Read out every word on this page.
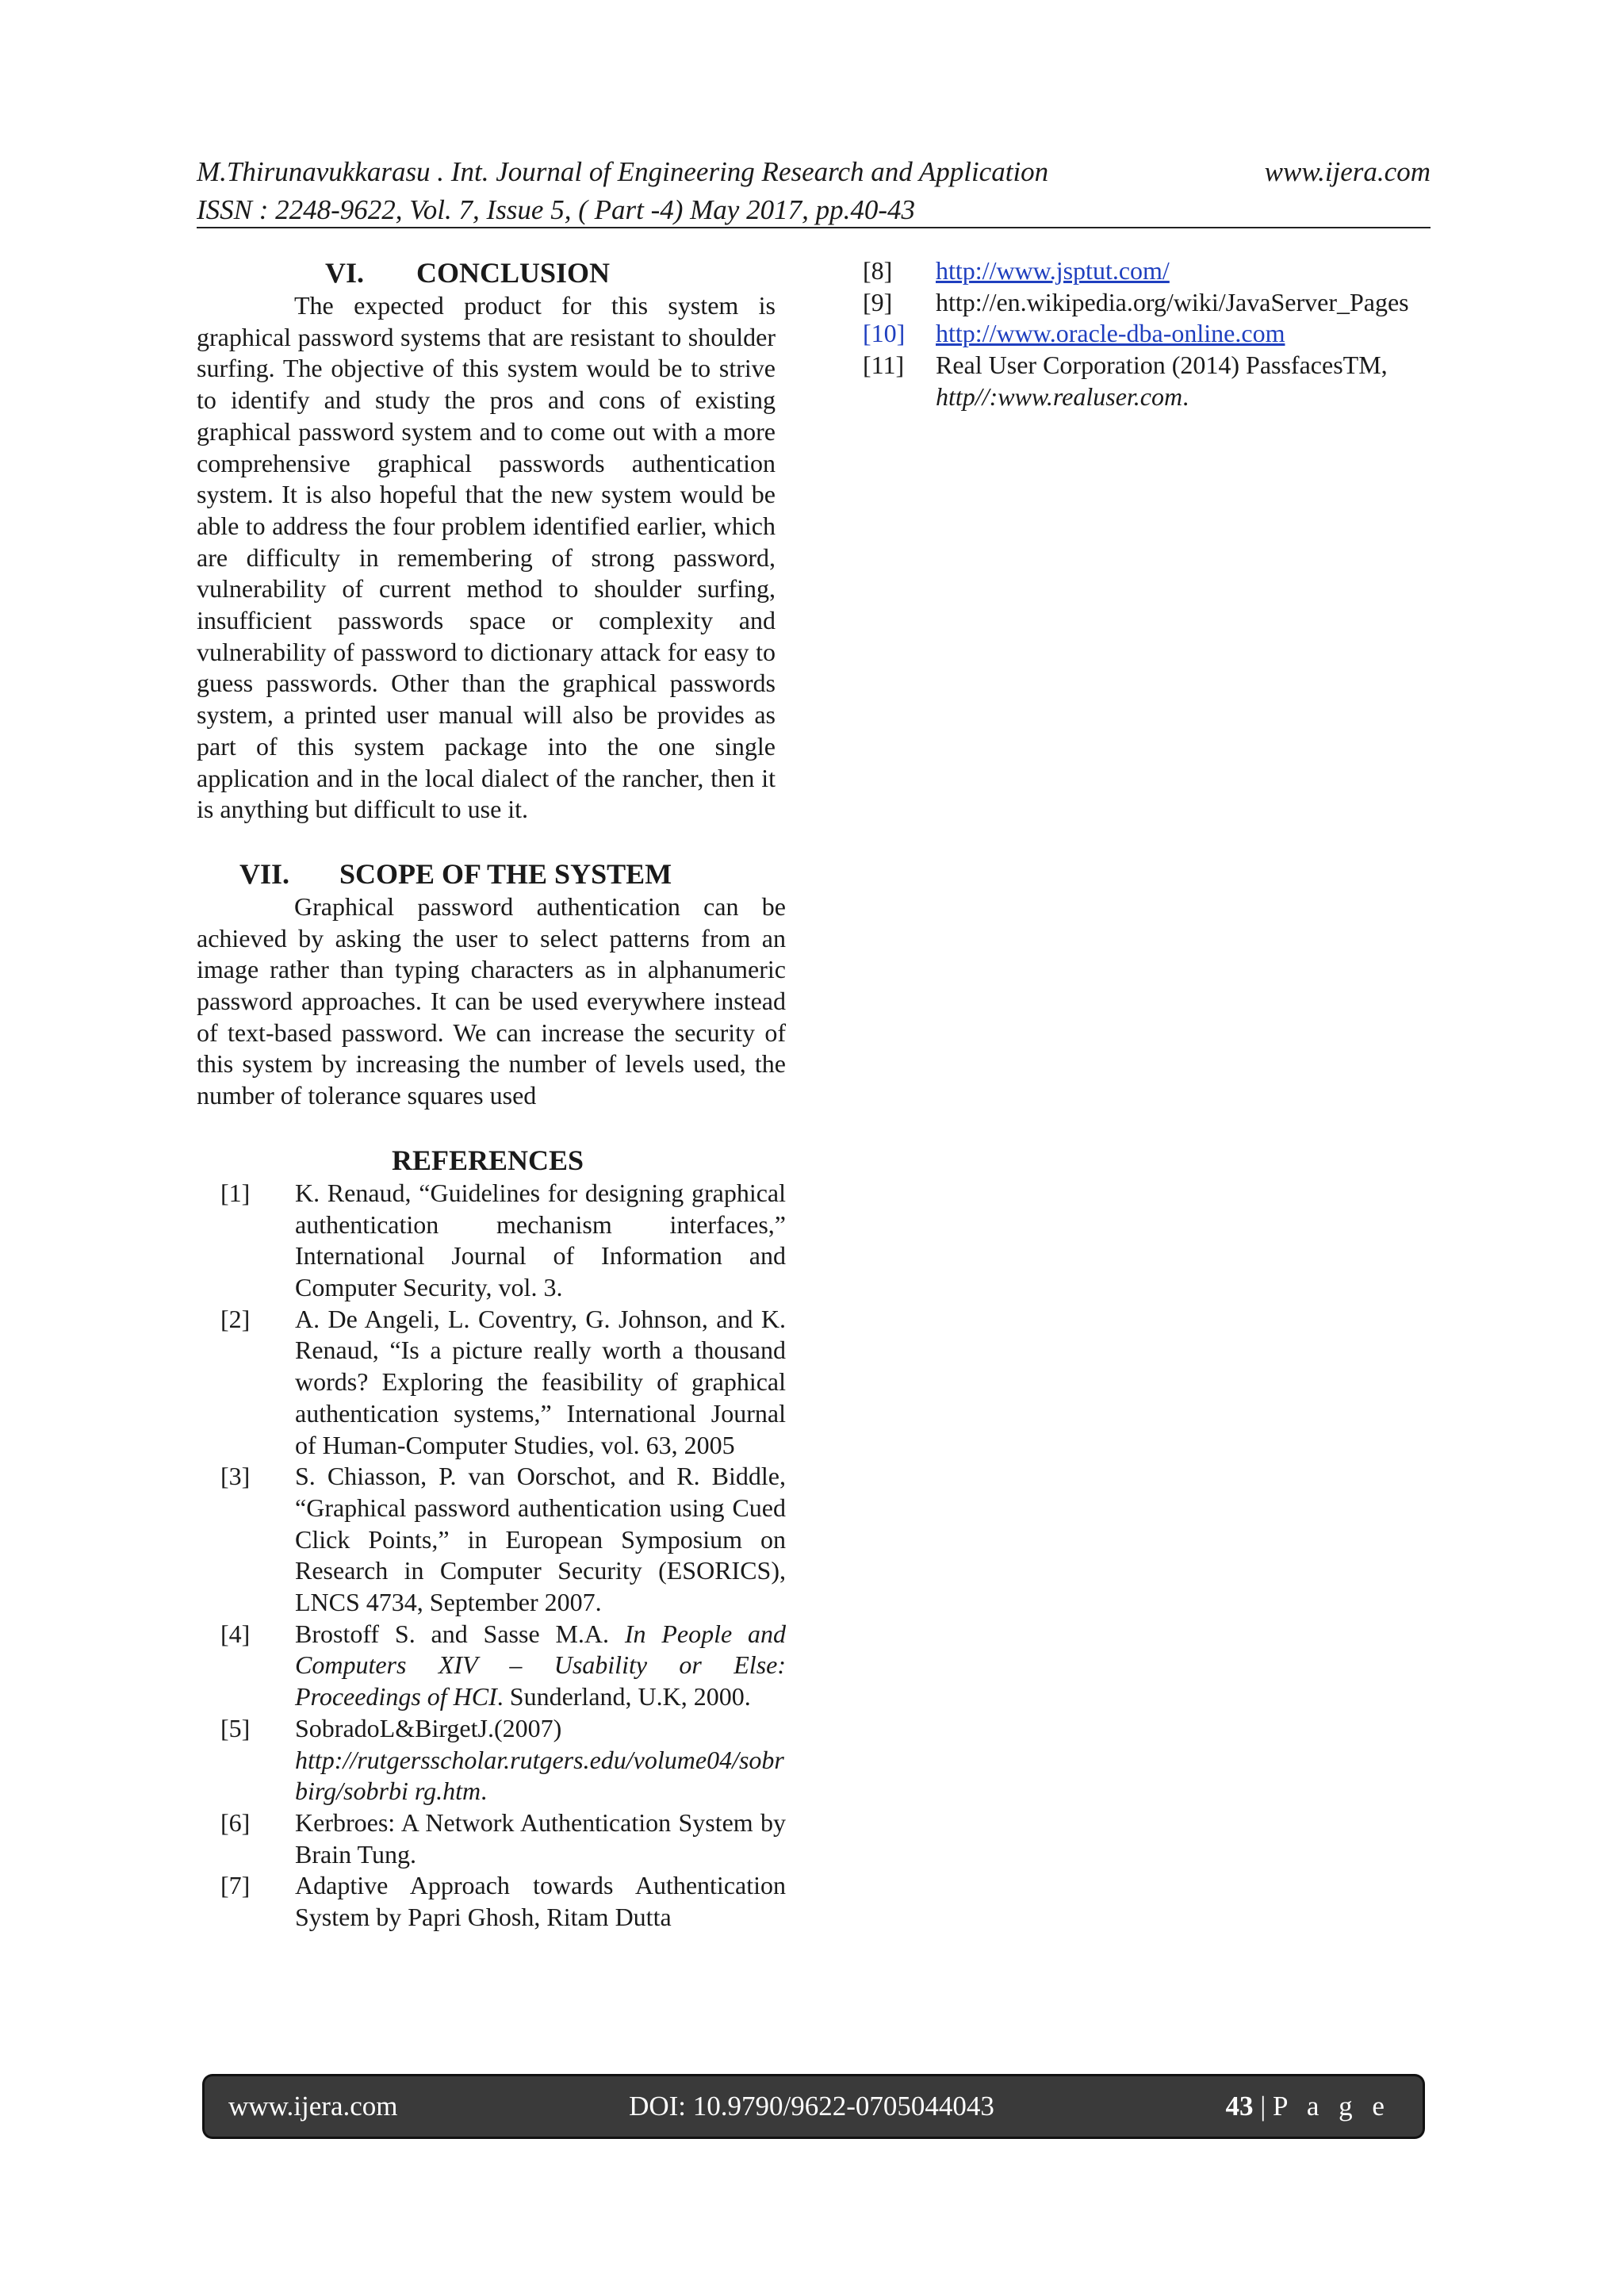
M.Thirunavukkarasu . Int. Journal of Engineering Research and Application	www.ijera.com
ISSN : 2248-9622, Vol. 7, Issue 5, ( Part -4) May 2017, pp.40-43
VI.	CONCLUSION

The expected product for this system is graphical password systems that are resistant to shoulder surfing. The objective of this system would be to strive to identify and study the pros and cons of existing graphical password system and to come out with a more comprehensive graphical passwords authentication system. It is also hopeful that the new system would be able to address the four problem identified earlier, which are difficulty in remembering of strong password, vulnerability of current method to shoulder surfing, insufficient passwords space or complexity and vulnerability of password to dictionary attack for easy to guess passwords. Other than the graphical passwords system, a printed user manual will also be provides as part of this system package into the one single application and in the local dialect of the rancher, then it is anything but difficult to use it.

VII.	SCOPE OF THE SYSTEM

Graphical password authentication can be achieved by asking the user to select patterns from an image rather than typing characters as in alphanumeric password approaches. It can be used everywhere instead of text-based password. We can increase the security of this system by increasing the number of levels used, the number of tolerance squares used

REFERENCES
[1]	K. Renaud, “Guidelines for designing graphical authentication mechanism interfaces,” International Journal of Information and Computer Security, vol. 3.
[2]	A. De Angeli, L. Coventry, G. Johnson, and K. Renaud, “Is a picture really worth a thousand words? Exploring the feasibility of graphical authentication systems,” International Journal of Human-Computer Studies, vol. 63, 2005
[3]	S. Chiasson, P. van Oorschot, and R. Biddle, “Graphical password authentication using Cued Click Points,” in European Symposium on Research in Computer Security (ESORICS), LNCS 4734, September 2007.
[4]	Brostoff S. and Sasse M.A. In People and Computers XIV – Usability or Else: Proceedings of HCI. Sunderland, U.K, 2000.
[5]	SobradoL&BirgetJ.(2007)
http://rutgersscholar.rutgers.edu/volume04/sobrbirg/sobrbi rg.htm.
[6]	Kerbroes: A Network Authentication System by Brain Tung.
[7]	Adaptive Approach towards Authentication System by Papri Ghosh, Ritam Dutta
[8]	http://www.jsptut.com/
[9]	http://en.wikipedia.org/wiki/JavaServer_Pages
[10]	http://www.oracle-dba-online.com
[11]	Real User Corporation (2014) PassfacesTM, http//:www.realuser.com.
www.ijera.com	DOI: 10.9790/9622-0705044043	43 | P a g e
